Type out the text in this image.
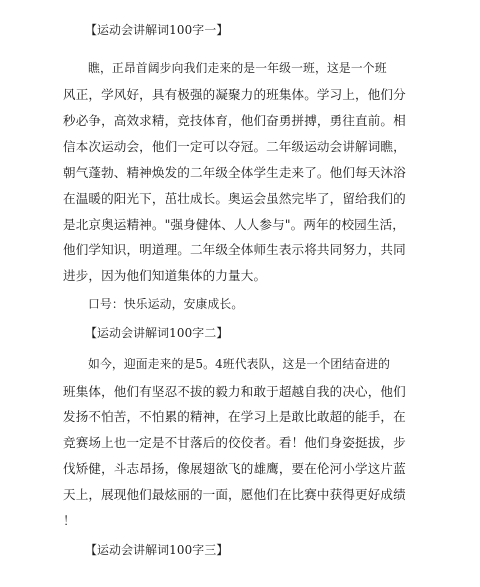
【运动会讲解词100字一】
瞧，正昂首阔步向我们走来的是一年级一班，这是一个班
风正，学风好，具有极强的凝聚力的班集体。学习上，他们分
秒必争，高效求精，竞技体育，他们奋勇拼搏，勇往直前。相
信本次运动会，他们一定可以夺冠。二年级运动会讲解词瞧，
朝气蓬勃、精神焕发的二年级全体学生走来了。他们每天沐浴
在温暖的阳光下，茁壮成长。奥运会虽然完毕了，留给我们的
是北京奥运精神。"强身健体、人人参与"。两年的校园生活，
他们学知识，明道理。二年级全体师生表示将共同努力，共同
进步，因为他们知道集体的力量大。
口号：快乐运动，安康成长。
【运动会讲解词100字二】
如今，迎面走来的是5。4班代表队，这是一个团结奋进的
班集体，他们有坚忍不拔的毅力和敢于超越自我的决心，他们
发扬不怕苦，不怕累的精神，在学习上是敢比敢超的能手，在
竞赛场上也一定是不甘落后的佼佼者。看！他们身姿挺拔，步
伐矫健，斗志昂扬，像展翅欲飞的雄鹰，要在伦河小学这片蓝
天上，展现他们最炫丽的一面，愿他们在比赛中获得更好成绩
！
【运动会讲解词100字三】
